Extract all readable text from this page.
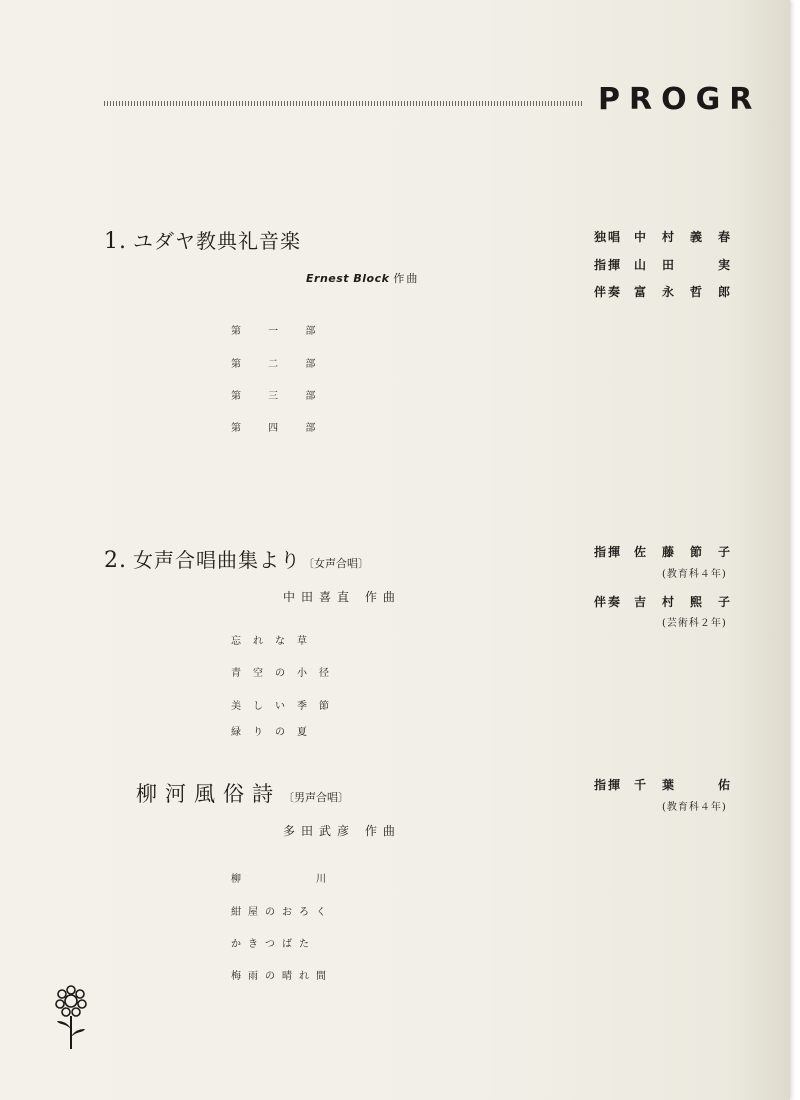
PROGR
1. ユダヤ教典礼音楽
Ernest Block 作曲
第 一 部
第 二 部
第 三 部
第 四 部
独唱 中村義春
指揮 山田　実
伴奏 富永哲郎
2. 女声合唱曲集より 〔女声合唱〕
中田喜直 作曲
忘れな草
青空の小径
美しい季節
緑りの夏
指揮 佐藤節子
(教育科４年)
伴奏 吉村熙子
(芸術科２年)
柳河風俗詩 〔男声合唱〕
多田武彦 作曲
柳　　　　川
紺屋のおろく
かきつばた
梅雨の晴れ間
指揮 千葉　佑
(教育科４年)
